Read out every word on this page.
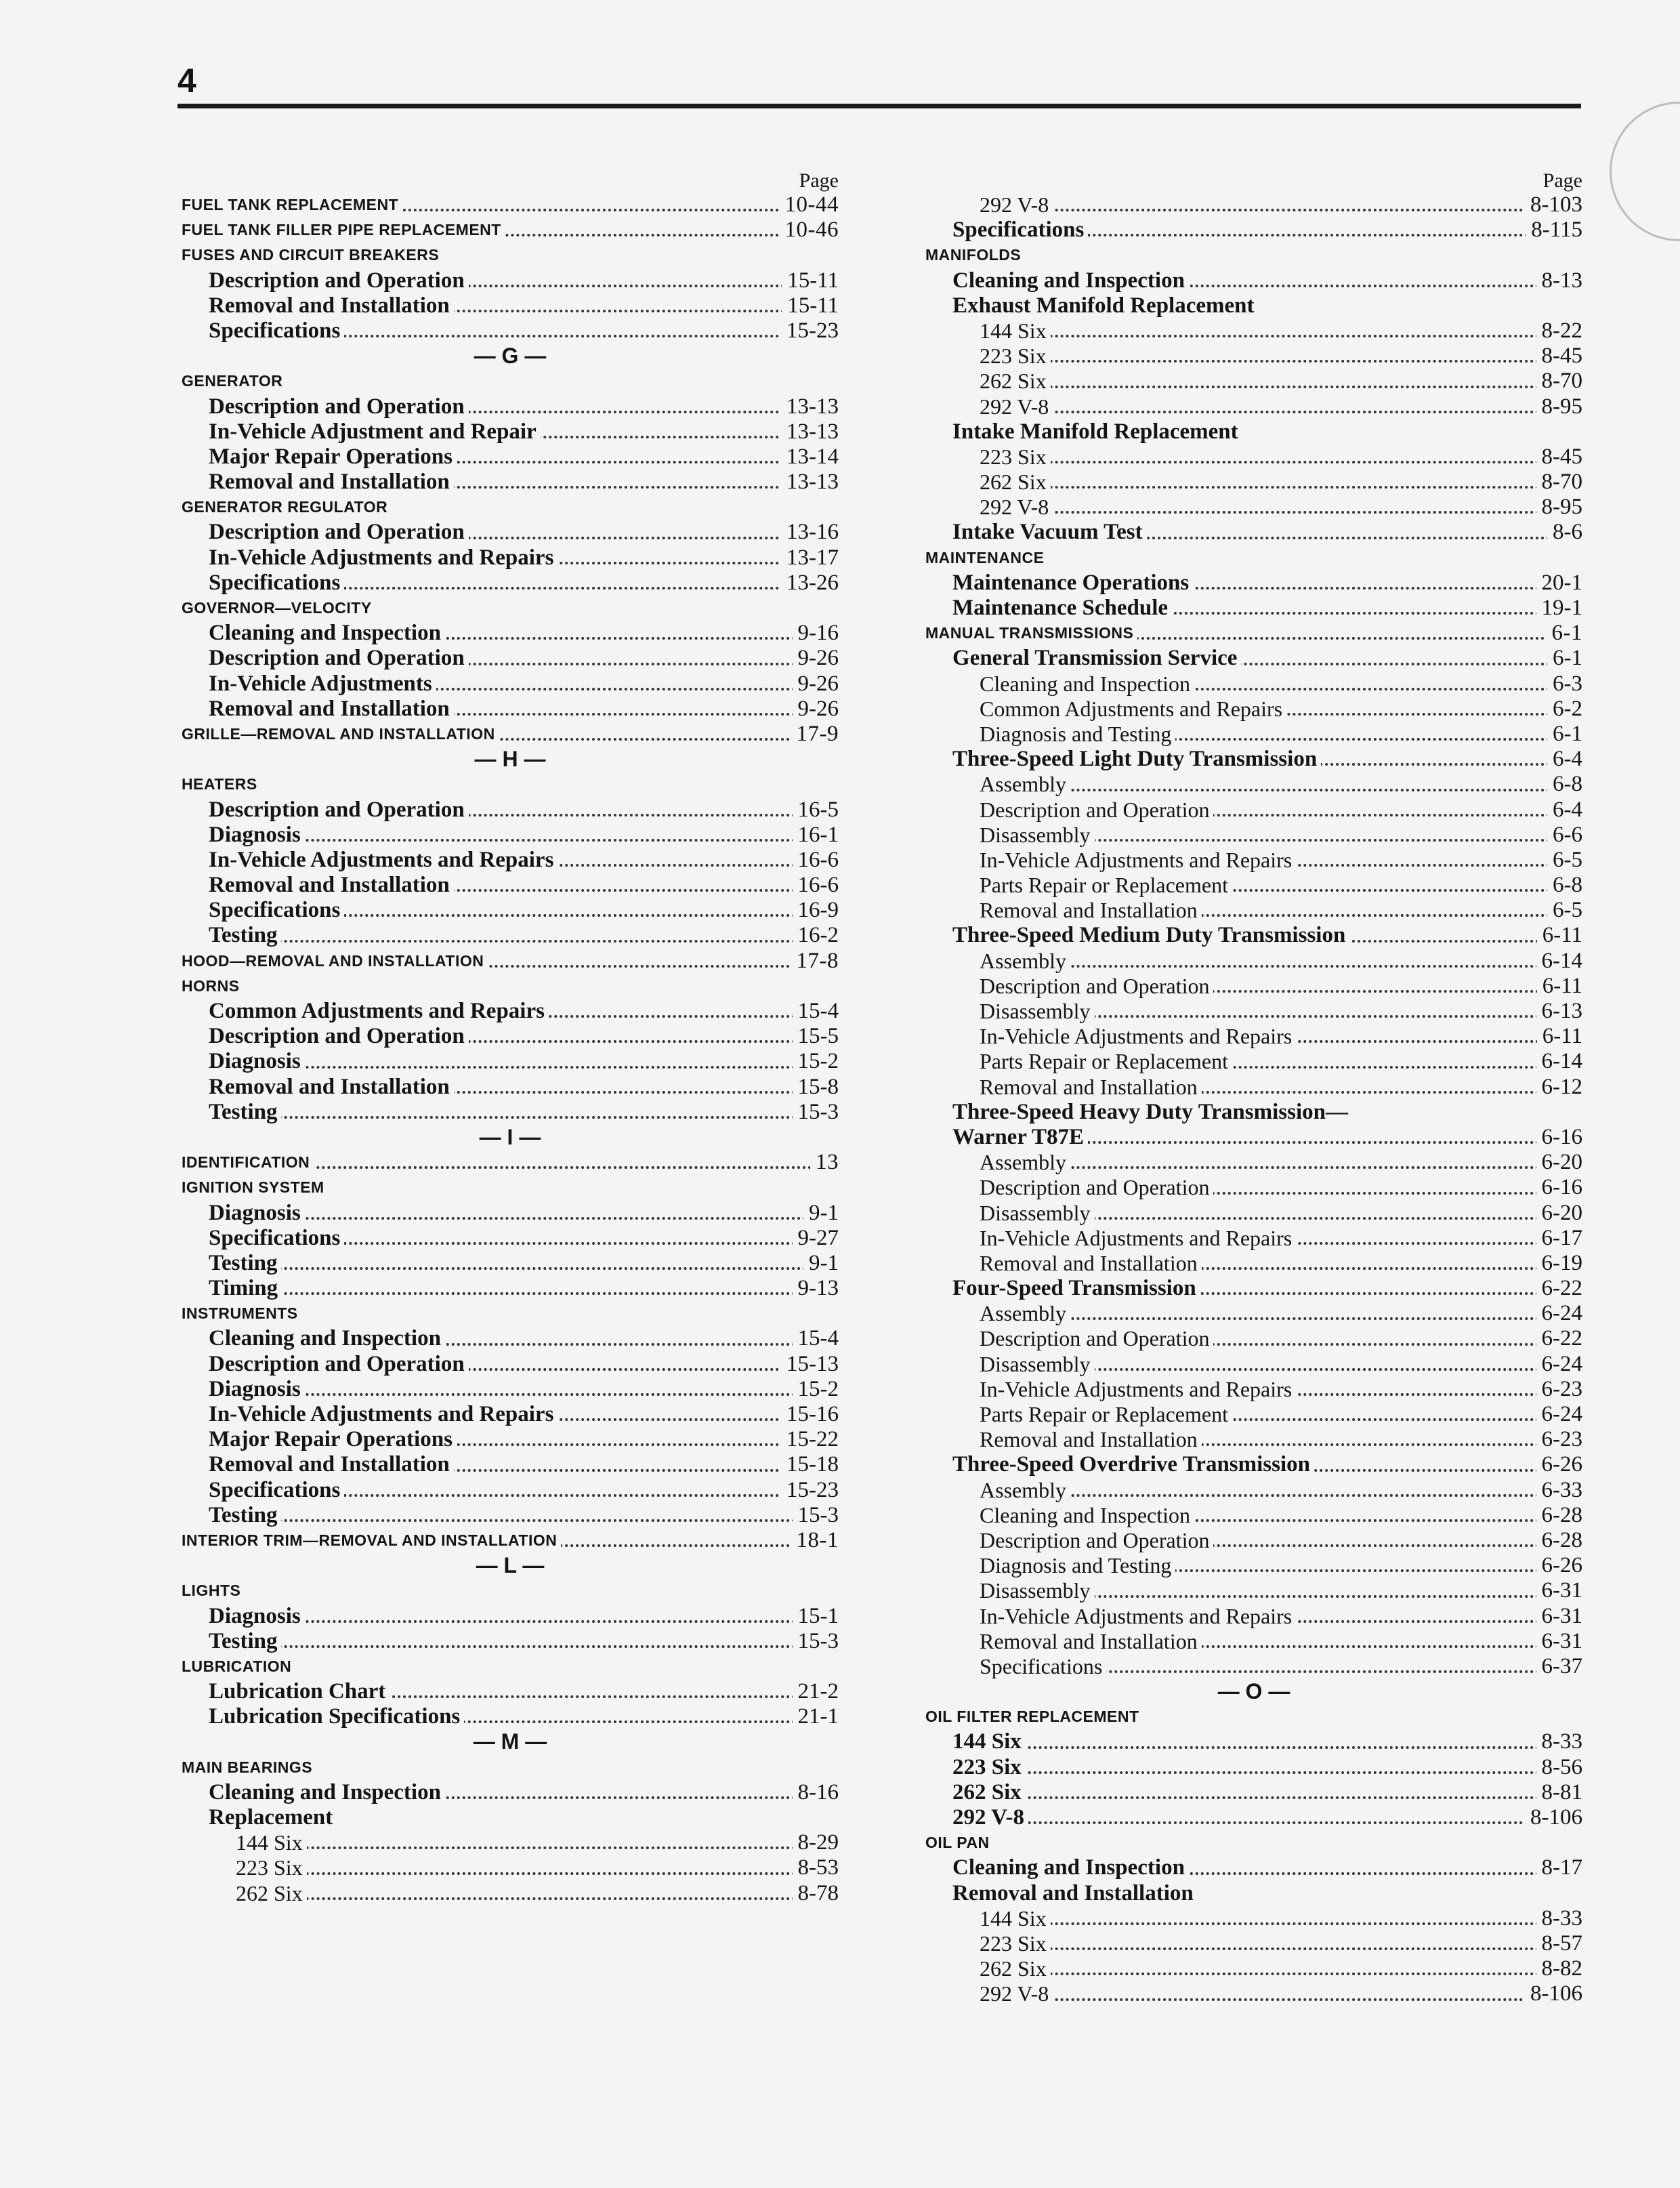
4
Page
FUEL TANK REPLACEMENT	10-44
FUEL TANK FILLER PIPE REPLACEMENT	10-46
FUSES AND CIRCUIT BREAKERS
Description and Operation	15-11
Removal and Installation	15-11
Specifications	15-23
— G —
GENERATOR
Description and Operation	13-13
In-Vehicle Adjustment and Repair	13-13
Major Repair Operations	13-14
Removal and Installation	13-13
GENERATOR REGULATOR
Description and Operation	13-16
In-Vehicle Adjustments and Repairs	13-17
Specifications	13-26
GOVERNOR—VELOCITY
Cleaning and Inspection	9-16
Description and Operation	9-26
In-Vehicle Adjustments	9-26
Removal and Installation	9-26
GRILLE—REMOVAL AND INSTALLATION	17-9
— H —
HEATERS
Description and Operation	16-5
Diagnosis	16-1
In-Vehicle Adjustments and Repairs	16-6
Removal and Installation	16-6
Specifications	16-9
Testing	16-2
HOOD—REMOVAL AND INSTALLATION	17-8
HORNS
Common Adjustments and Repairs	15-4
Description and Operation	15-5
Diagnosis	15-2
Removal and Installation	15-8
Testing	15-3
— I —
IDENTIFICATION	13
IGNITION SYSTEM
Diagnosis	9-1
Specifications	9-27
Testing	9-1
Timing	9-13
INSTRUMENTS
Cleaning and Inspection	15-4
Description and Operation	15-13
Diagnosis	15-2
In-Vehicle Adjustments and Repairs	15-16
Major Repair Operations	15-22
Removal and Installation	15-18
Specifications	15-23
Testing	15-3
INTERIOR TRIM—REMOVAL AND INSTALLATION	18-1
— L —
LIGHTS
Diagnosis	15-1
Testing	15-3
LUBRICATION
Lubrication Chart	21-2
Lubrication Specifications	21-1
— M —
MAIN BEARINGS
Cleaning and Inspection	8-16
Replacement
144 Six	8-29
223 Six	8-53
262 Six	8-78
Page
292 V-8	8-103
Specifications	8-115
MANIFOLDS
Cleaning and Inspection	8-13
Exhaust Manifold Replacement
144 Six	8-22
223 Six	8-45
262 Six	8-70
292 V-8	8-95
Intake Manifold Replacement
223 Six	8-45
262 Six	8-70
292 V-8	8-95
Intake Vacuum Test	8-6
MAINTENANCE
Maintenance Operations	20-1
Maintenance Schedule	19-1
MANUAL TRANSMISSIONS	6-1
General Transmission Service	6-1
Cleaning and Inspection	6-3
Common Adjustments and Repairs	6-2
Diagnosis and Testing	6-1
Three-Speed Light Duty Transmission	6-4
Assembly	6-8
Description and Operation	6-4
Disassembly	6-6
In-Vehicle Adjustments and Repairs	6-5
Parts Repair or Replacement	6-8
Removal and Installation	6-5
Three-Speed Medium Duty Transmission	6-11
Assembly	6-14
Description and Operation	6-11
Disassembly	6-13
In-Vehicle Adjustments and Repairs	6-11
Parts Repair or Replacement	6-14
Removal and Installation	6-12
Three-Speed Heavy Duty Transmission—
Warner T87E	6-16
Assembly	6-20
Description and Operation	6-16
Disassembly	6-20
In-Vehicle Adjustments and Repairs	6-17
Removal and Installation	6-19
Four-Speed Transmission	6-22
Assembly	6-24
Description and Operation	6-22
Disassembly	6-24
In-Vehicle Adjustments and Repairs	6-23
Parts Repair or Replacement	6-24
Removal and Installation	6-23
Three-Speed Overdrive Transmission	6-26
Assembly	6-33
Cleaning and Inspection	6-28
Description and Operation	6-28
Diagnosis and Testing	6-26
Disassembly	6-31
In-Vehicle Adjustments and Repairs	6-31
Removal and Installation	6-31
Specifications	6-37
— O —
OIL FILTER REPLACEMENT
144 Six	8-33
223 Six	8-56
262 Six	8-81
292 V-8	8-106
OIL PAN
Cleaning and Inspection	8-17
Removal and Installation
144 Six	8-33
223 Six	8-57
262 Six	8-82
292 V-8	8-106
